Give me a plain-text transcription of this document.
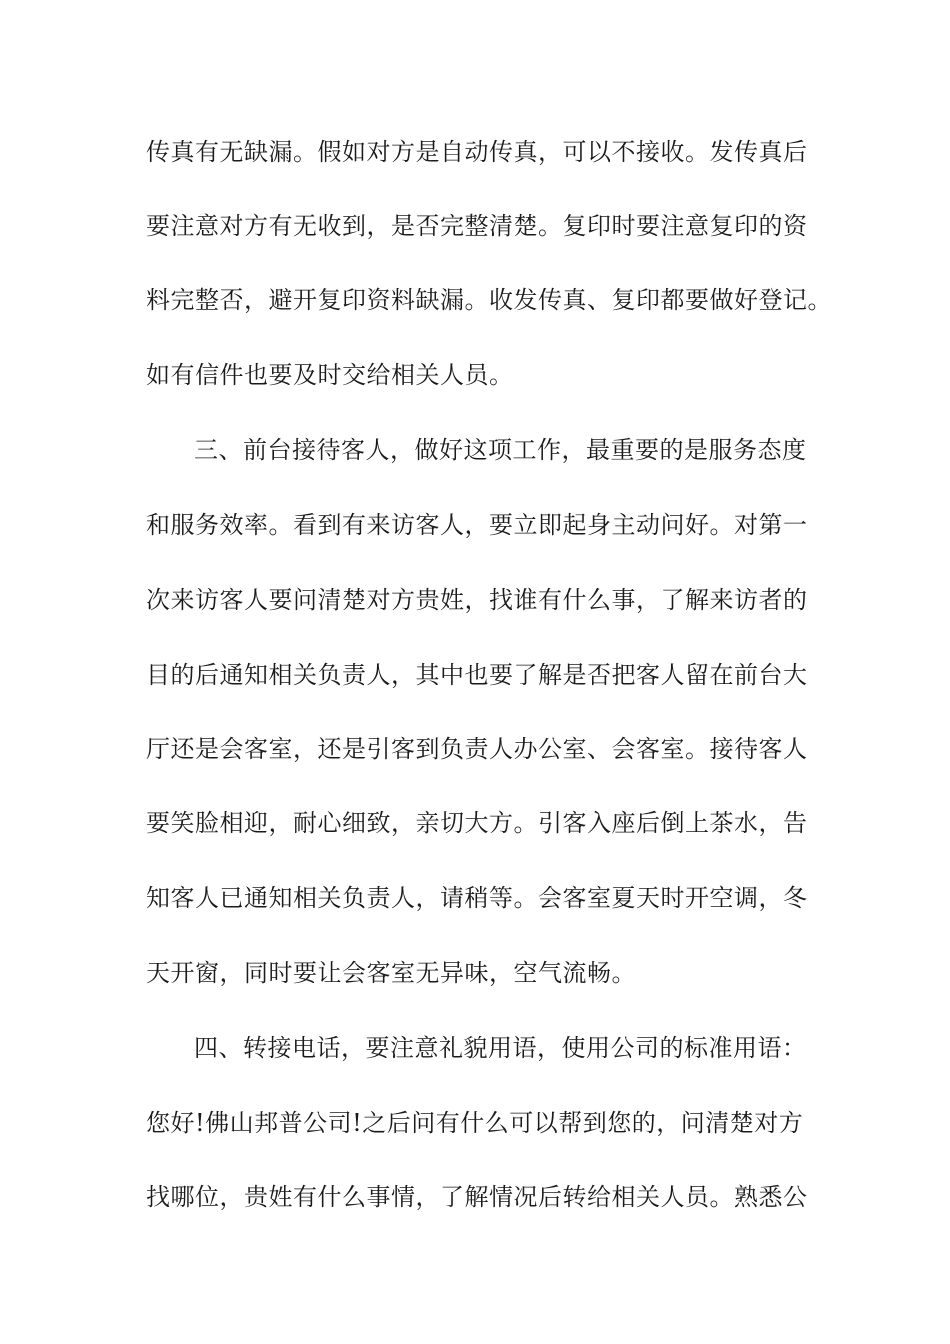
传真有无缺漏。假如对方是自动传真，可以不接收。发传真后
要注意对方有无收到，是否完整清楚。复印时要注意复印的资
料完整否，避开复印资料缺漏。收发传真、复印都要做好登记。
如有信件也要及时交给相关人员。
三、前台接待客人，做好这项工作，最重要的是服务态度
和服务效率。看到有来访客人，要立即起身主动问好。对第一
次来访客人要问清楚对方贵姓，找谁有什么事，了解来访者的
目的后通知相关负责人，其中也要了解是否把客人留在前台大
厅还是会客室，还是引客到负责人办公室、会客室。接待客人
要笑脸相迎，耐心细致，亲切大方。引客入座后倒上茶水，告
知客人已通知相关负责人，请稍等。会客室夏天时开空调，冬
天开窗，同时要让会客室无异味，空气流畅。
四、转接电话，要注意礼貌用语，使用公司的标准用语：
您好!佛山邦普公司!之后问有什么可以帮到您的，问清楚对方
找哪位，贵姓有什么事情，了解情况后转给相关人员。熟悉公
